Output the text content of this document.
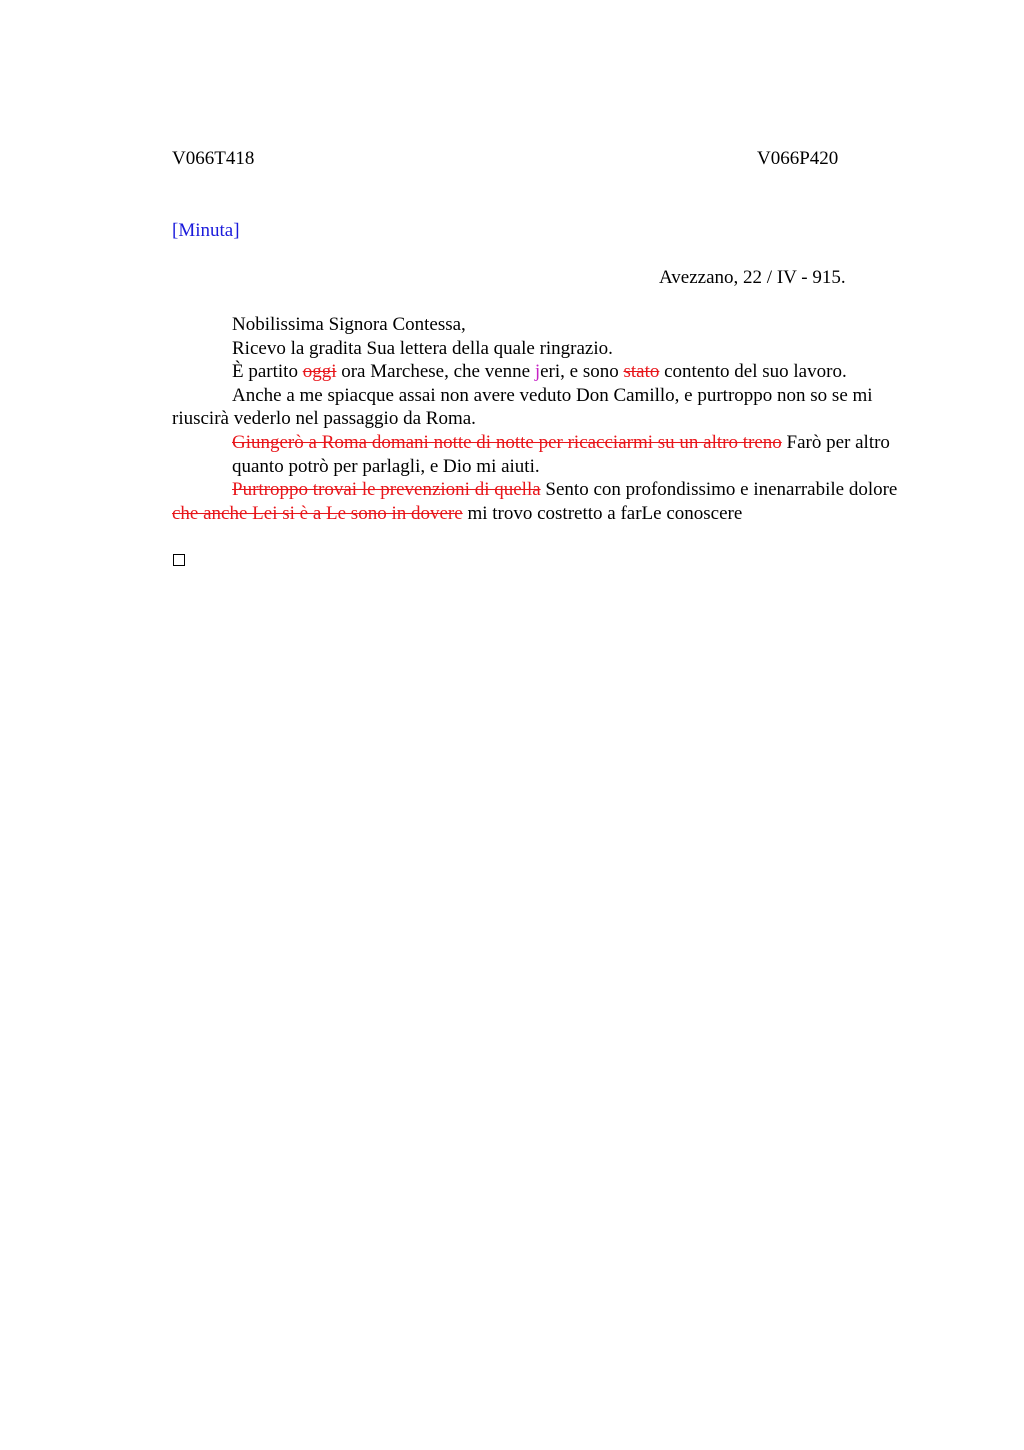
V066T418	V066P420
[Minuta]
Avezzano, 22 / IV - 915.

Nobilissima Signora Contessa,

Ricevo la gradita Sua lettera della quale ringrazio.

È partito oggi ora Marchese, che venne jeri, e sono stato contento del suo lavoro.

Anche a me spiacque assai non avere veduto Don Camillo, e purtroppo non so se mi riuscirà vederlo nel passaggio da Roma.

Giungerò a Roma domani notte di notte per ricacciarmi su un altro treno Farò per altro quanto potrò per parlagli, e Dio mi aiuti.

Purtroppo trovai le prevenzioni di quella Sento con profondissimo e inenarrabile dolore che anche Lei si è a Le sono in dovere mi trovo costretto a farLe conoscere
